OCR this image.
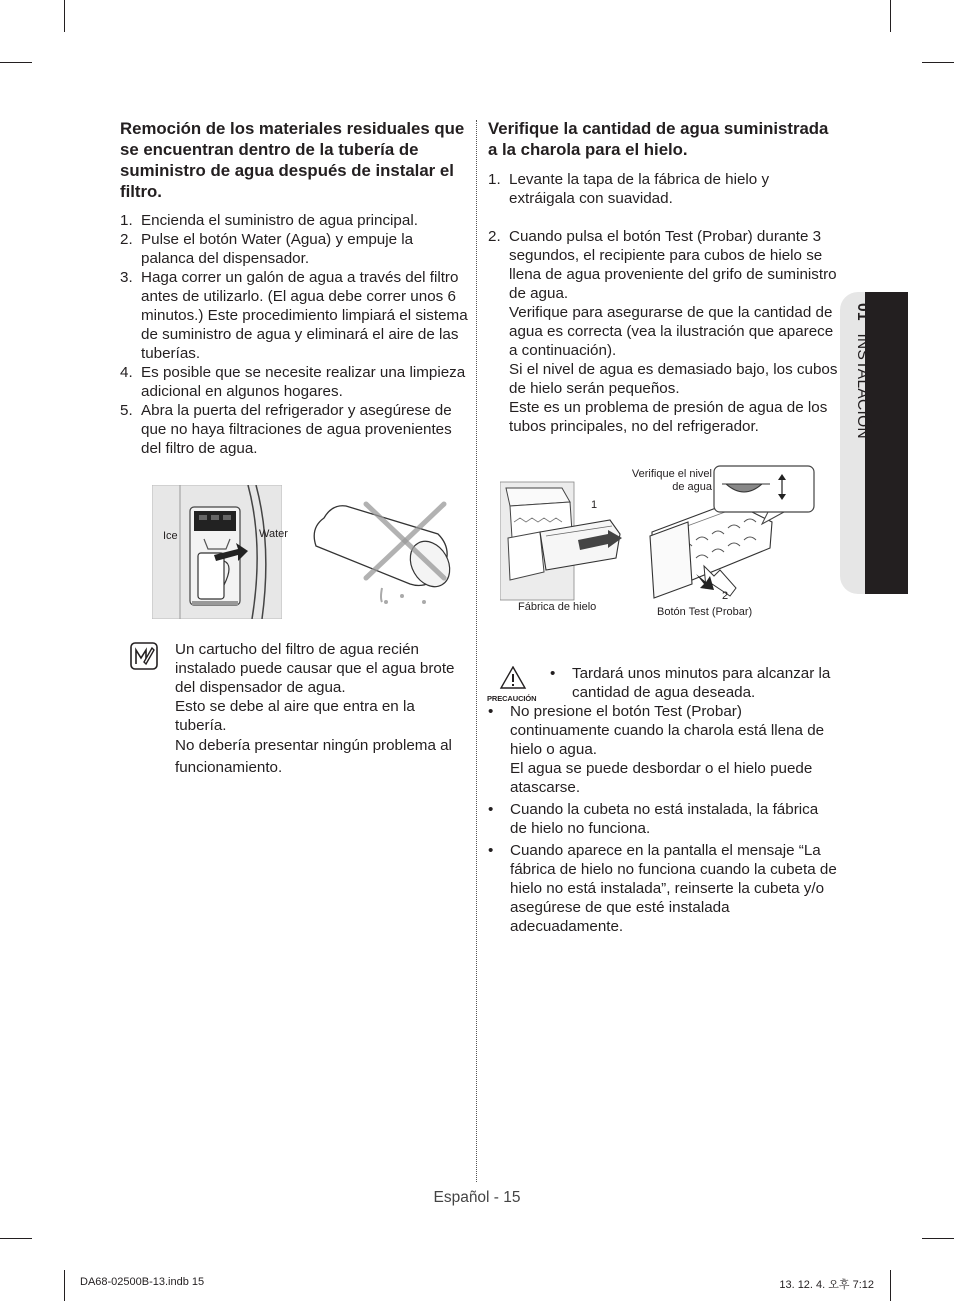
01 INSTALACIÓN
Remoción de los materiales residuales que se encuentran dentro de la tubería de suministro de agua después de instalar el filtro.
1. Encienda el suministro de agua principal.
2. Pulse el botón Water (Agua) y empuje la palanca del dispensador.
3. Haga correr un galón de agua a través del filtro antes de utilizarlo. (El agua debe correr unos 6 minutos.) Este procedimiento limpiará el sistema de suministro de agua y eliminará el aire de las tuberías.
4. Es posible que se necesite realizar una limpieza adicional en algunos hogares.
5. Abra la puerta del refrigerador y asegúrese de que no haya filtraciones de agua provenientes del filtro de agua.
Ice	Water
Un cartucho del filtro de agua recién instalado puede causar que el agua brote del dispensador de agua.
Esto se debe al aire que entra en la tubería.
No debería presentar ningún problema al funcionamiento.
Verifique la cantidad de agua suministrada a la charola para el hielo.
1. Levante la tapa de la fábrica de hielo y extráigala con suavidad.
2. Cuando pulsa el botón Test (Probar) durante 3 segundos, el recipiente para cubos de hielo se llena de agua proveniente del grifo de suministro de agua.
Verifique para asegurarse de que la cantidad de agua es correcta (vea la ilustración que aparece a continuación).
Si el nivel de agua es demasiado bajo, los cubos de hielo serán pequeños.
Este es un problema de presión de agua de los tubos principales, no del refrigerador.
Verifique el nivel
de agua
1
2
Fábrica de hielo	Botón Test (Probar)
PRECAUCIÓN
• Tardará unos minutos para alcanzar la cantidad de agua deseada.
• No presione el botón Test (Probar) continuamente cuando la charola está llena de hielo o agua.
El agua se puede desbordar o el hielo puede atascarse.
• Cuando la cubeta no está instalada, la fábrica de hielo no funciona.
• Cuando aparece en la pantalla el mensaje “La fábrica de hielo no funciona cuando la cubeta de hielo no está instalada”, reinserte la cubeta y/o asegúrese de que esté instalada adecuadamente.
Español - 15
DA68-02500B-13.indb 15	13. 12. 4. 오후 7:12
